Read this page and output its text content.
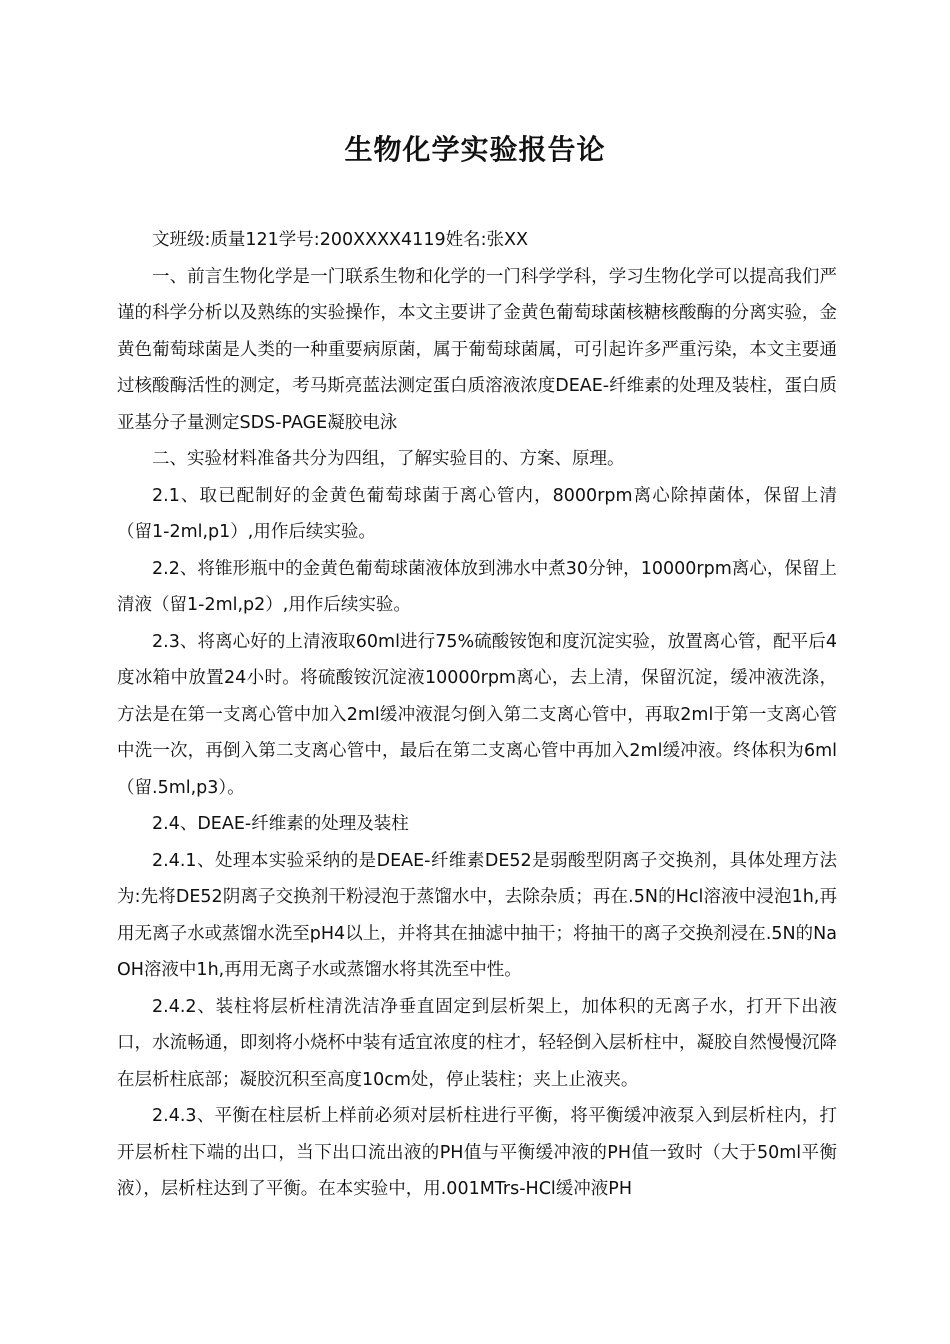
生物化学实验报告论

文班级:质量121学号:200XXXX4119姓名:张XX

一、前言生物化学是一门联系生物和化学的一门科学学科，学习生物化学可以提高我们严谨的科学分析以及熟练的实验操作，本文主要讲了金黄色葡萄球菌核糖核酸酶的分离实验，金黄色葡萄球菌是人类的一种重要病原菌，属于葡萄球菌属，可引起许多严重污染，本文主要通过核酸酶活性的测定，考马斯亮蓝法测定蛋白质溶液浓度DEAE-纤维素的处理及装柱，蛋白质亚基分子量测定SDS-PAGE凝胶电泳

二、实验材料准备共分为四组，了解实验目的、方案、原理。

2.1、取已配制好的金黄色葡萄球菌于离心管内，8000rpm离心除掉菌体，保留上清（留1-2ml,p1）,用作后续实验。

2.2、将锥形瓶中的金黄色葡萄球菌液体放到沸水中煮30分钟，10000rpm离心，保留上清液（留1-2ml,p2）,用作后续实验。

2.3、将离心好的上清液取60ml进行75%硫酸铵饱和度沉淀实验，放置离心管，配平后4度冰箱中放置24小时。将硫酸铵沉淀液10000rpm离心，去上清，保留沉淀，缓冲液洗涤，方法是在第一支离心管中加入2ml缓冲液混匀倒入第二支离心管中，再取2ml于第一支离心管中洗一次，再倒入第二支离心管中，最后在第二支离心管中再加入2ml缓冲液。终体积为6ml（留.5ml,p3）。

2.4、DEAE-纤维素的处理及装柱

2.4.1、处理本实验采纳的是DEAE-纤维素DE52是弱酸型阴离子交换剂，具体处理方法为:先将DE52阴离子交换剂干粉浸泡于蒸馏水中，去除杂质；再在.5N的Hcl溶液中浸泡1h,再用无离子水或蒸馏水洗至pH4以上，并将其在抽滤中抽干；将抽干的离子交换剂浸在.5N的NaOH溶液中1h,再用无离子水或蒸馏水将其洗至中性。

2.4.2、装柱将层析柱清洗洁净垂直固定到层析架上，加体积的无离子水，打开下出液口，水流畅通，即刻将小烧杯中装有适宜浓度的柱才，轻轻倒入层析柱中，凝胶自然慢慢沉降在层析柱底部；凝胶沉积至高度10cm处，停止装柱；夹上止液夹。

2.4.3、平衡在柱层析上样前必须对层析柱进行平衡，将平衡缓冲液泵入到层析柱内，打开层析柱下端的出口，当下出口流出液的PH值与平衡缓冲液的PH值一致时（大于50ml平衡液），层析柱达到了平衡。在本实验中，用.001MTrs-HCl缓冲液PH
